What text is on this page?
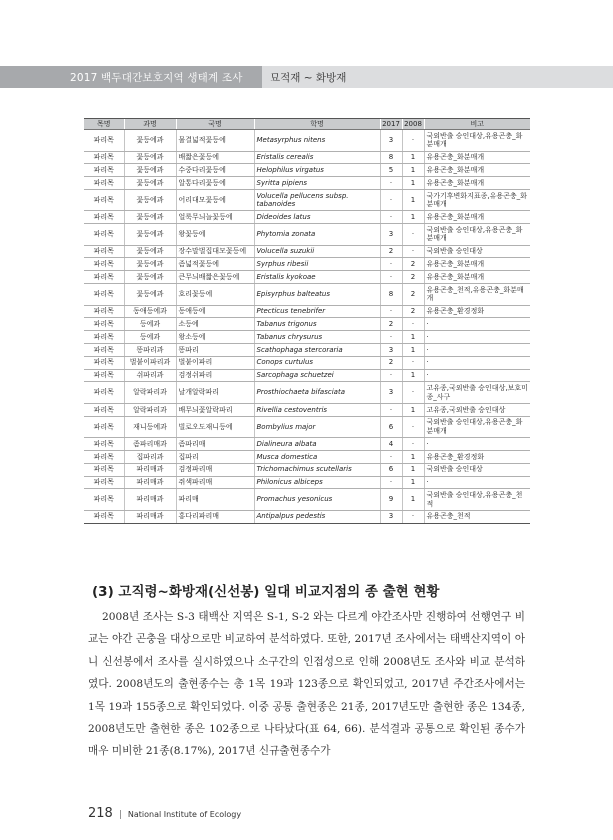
2017 백두대간보호지역 생태계 조사	묘적재 ~ 화방재
목명	과명	국명	학명	2017	2008	비고
파리목	꽃등에과	물결넓적꽃등에	Metasyrphus nitens	3	·	국외반출 승인대상,유용곤충_화분매개
파리목	꽃등에과	배짧은꽃등에	Eristalis cerealis	8	1	유용곤충_화분매개
파리목	꽃등에과	수중다리꽃등에	Helophilus virgatus	5	1	유용곤충_화분매개
파리목	꽃등에과	알통다리꽃등에	Syritta pipiens	·	1	유용곤충_화분매개
파리목	꽃등에과	어리대모꽃등에	Volucella pellucens subsp. tabanoides	·	1	국가기후변화지표종,유용곤충_화분매개
파리목	꽃등에과	얼룩무늬늘꽃등에	Dideoides latus	·	1	유용곤충_화분매개
파리목	꽃등에과	왕꽃등에	Phytomia zonata	3	·	국외반출 승인대상,유용곤충_화분매개
파리목	꽃등에과	장수말벌집대모꽃등에	Volucella suzukii	2	·	국외반출 승인대상
파리목	꽃등에과	좀넓적꽃등에	Syrphus ribesii	·	2	유용곤충_화분매개
파리목	꽃등에과	큰무늬배짧은꽃등에	Eristalis kyokoae	·	2	유용곤충_화분매개
파리목	꽃등에과	호리꽃등에	Episyrphus balteatus	8	2	유용곤충_천적,유용곤충_화분매개
파리목	동애등에과	동애등에	Ptecticus tenebrifer	·	2	유용곤충_환경정화
파리목	등에과	소등에	Tabanus trigonus	2	·	·
파리목	등에과	왕소등에	Tabanus chrysurus	·	1	·
파리목	똥파리과	똥파리	Scathophaga stercoraria	3	1	·
파리목	벌붙이파리과	벌붙이파리	Conops curtulus	2	·	·
파리목	쉬파리과	검정쉬파리	Sarcophaga schuetzei	·	1	·
파리목	알락파리과	날개알락파리	Prosthiochaeta bifasciata	3	·	고유종,국외반출 승인대상,보호미종_사구
파리목	알락파리과	배무늬꽃알락파리	Rivellia cestoventris	·	1	고유종,국외반출 승인대상
파리목	재니등에과	빌로오도재니등에	Bombylius major	6	·	국외반출 승인대상,유용곤충_화분매개
파리목	좀파리매과	좀파리매	Dialineura albata	4	·	·
파리목	집파리과	집파리	Musca domestica	·	1	유용곤충_환경정화
파리목	파리매과	검정파리매	Trichomachimus scutellaris	6	1	국외반출 승인대상
파리목	파리매과	쥐색파리매	Philonicus albiceps	·	1	·
파리목	파리매과	파리매	Promachus yesonicus	9	1	국외반출 승인대상,유용곤충_천적
파리목	파리매과	홍다리파리매	Antipalpus pedestis	3	·	유용곤충_천적
(3) 고직령~화방재(신선봉) 일대 비교지점의 종 출현 현황

2008년 조사는 S-3 태백산 지역은 S-1, S-2 와는 다르게 야간조사만 진행하여 선행연구 비교는 야간 곤충을 대상으로만 비교하여 분석하였다. 또한, 2017년 조사에서는 태백산지역이 아니 신선봉에서 조사를 실시하였으나 소구간의 인접성으로 인해 2008년도 조사와 비교 분석하였다. 2008년도의 출현종수는 총 1목 19과 123종으로 확인되었고, 2017년 주간조사에서는 1목 19과 155종으로 확인되었다. 이중 공통 출현종은 21종, 2017년도만 출현한 종은 134종, 2008년도만 출현한 종은 102종으로 나타났다(표 64, 66). 분석결과 공통으로 확인된 종수가 매우 미비한 21종(8.17%), 2017년 신규출현종수가

218 | National Institute of Ecology
